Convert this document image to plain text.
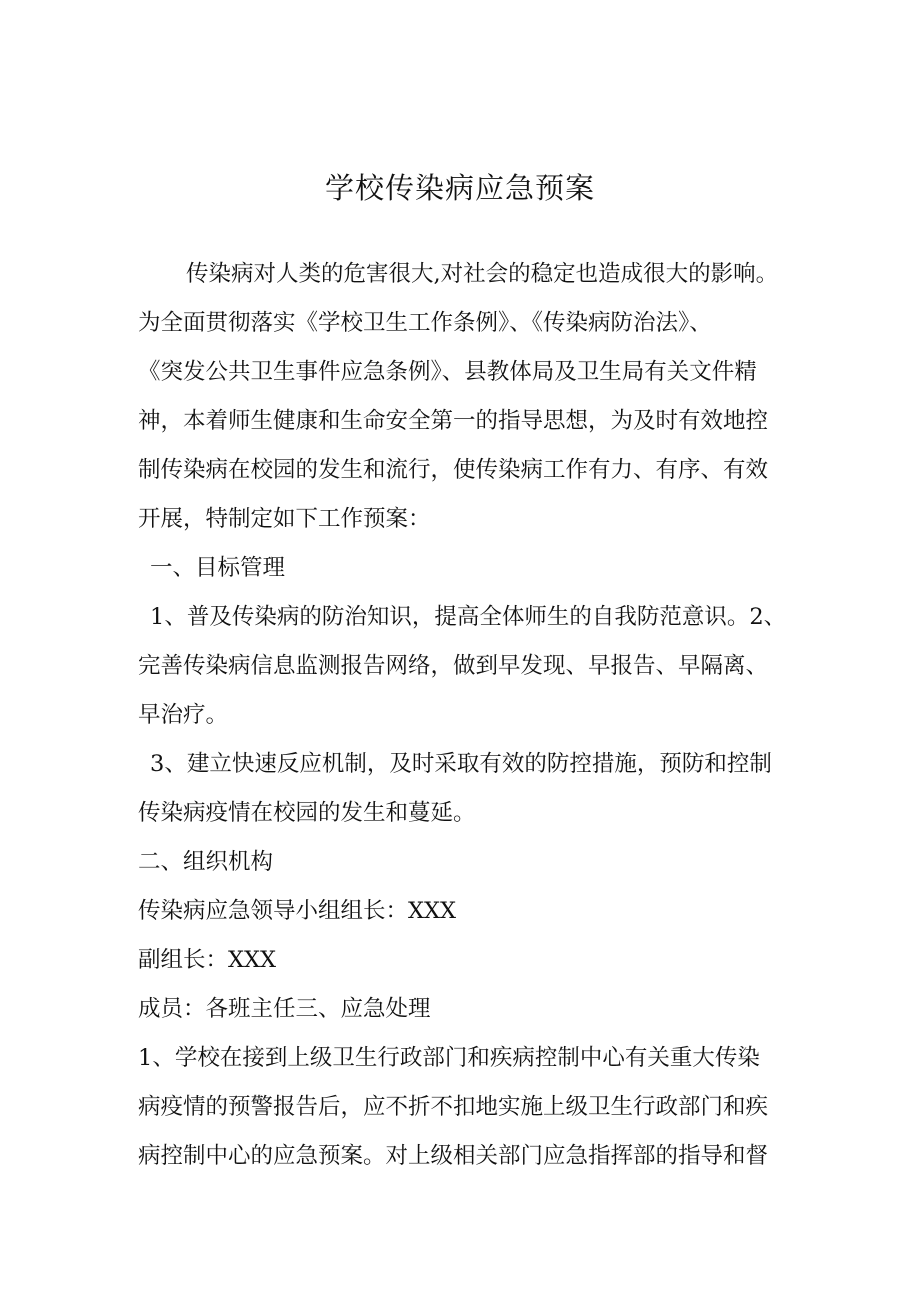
学校传染病应急预案
传染病对人类的危害很大,对社会的稳定也造成很大的影响。
为全面贯彻落实《学校卫生工作条例》、《传染病防治法》、
《突发公共卫生事件应急条例》、县教体局及卫生局有关文件精
神，本着师生健康和生命安全第一的指导思想，为及时有效地控
制传染病在校园的发生和流行，使传染病工作有力、有序、有效
开展，特制定如下工作预案：
一、目标管理
1、普及传染病的防治知识，提高全体师生的自我防范意识。2、
完善传染病信息监测报告网络，做到早发现、早报告、早隔离、
早治疗。
3、建立快速反应机制，及时采取有效的防控措施，预防和控制
传染病疫情在校园的发生和蔓延。
二、组织机构
传染病应急领导小组组长：XXX
副组长：XXX
成员：各班主任三、应急处理
1、学校在接到上级卫生行政部门和疾病控制中心有关重大传染
病疫情的预警报告后，应不折不扣地实施上级卫生行政部门和疾
病控制中心的应急预案。对上级相关部门应急指挥部的指导和督
